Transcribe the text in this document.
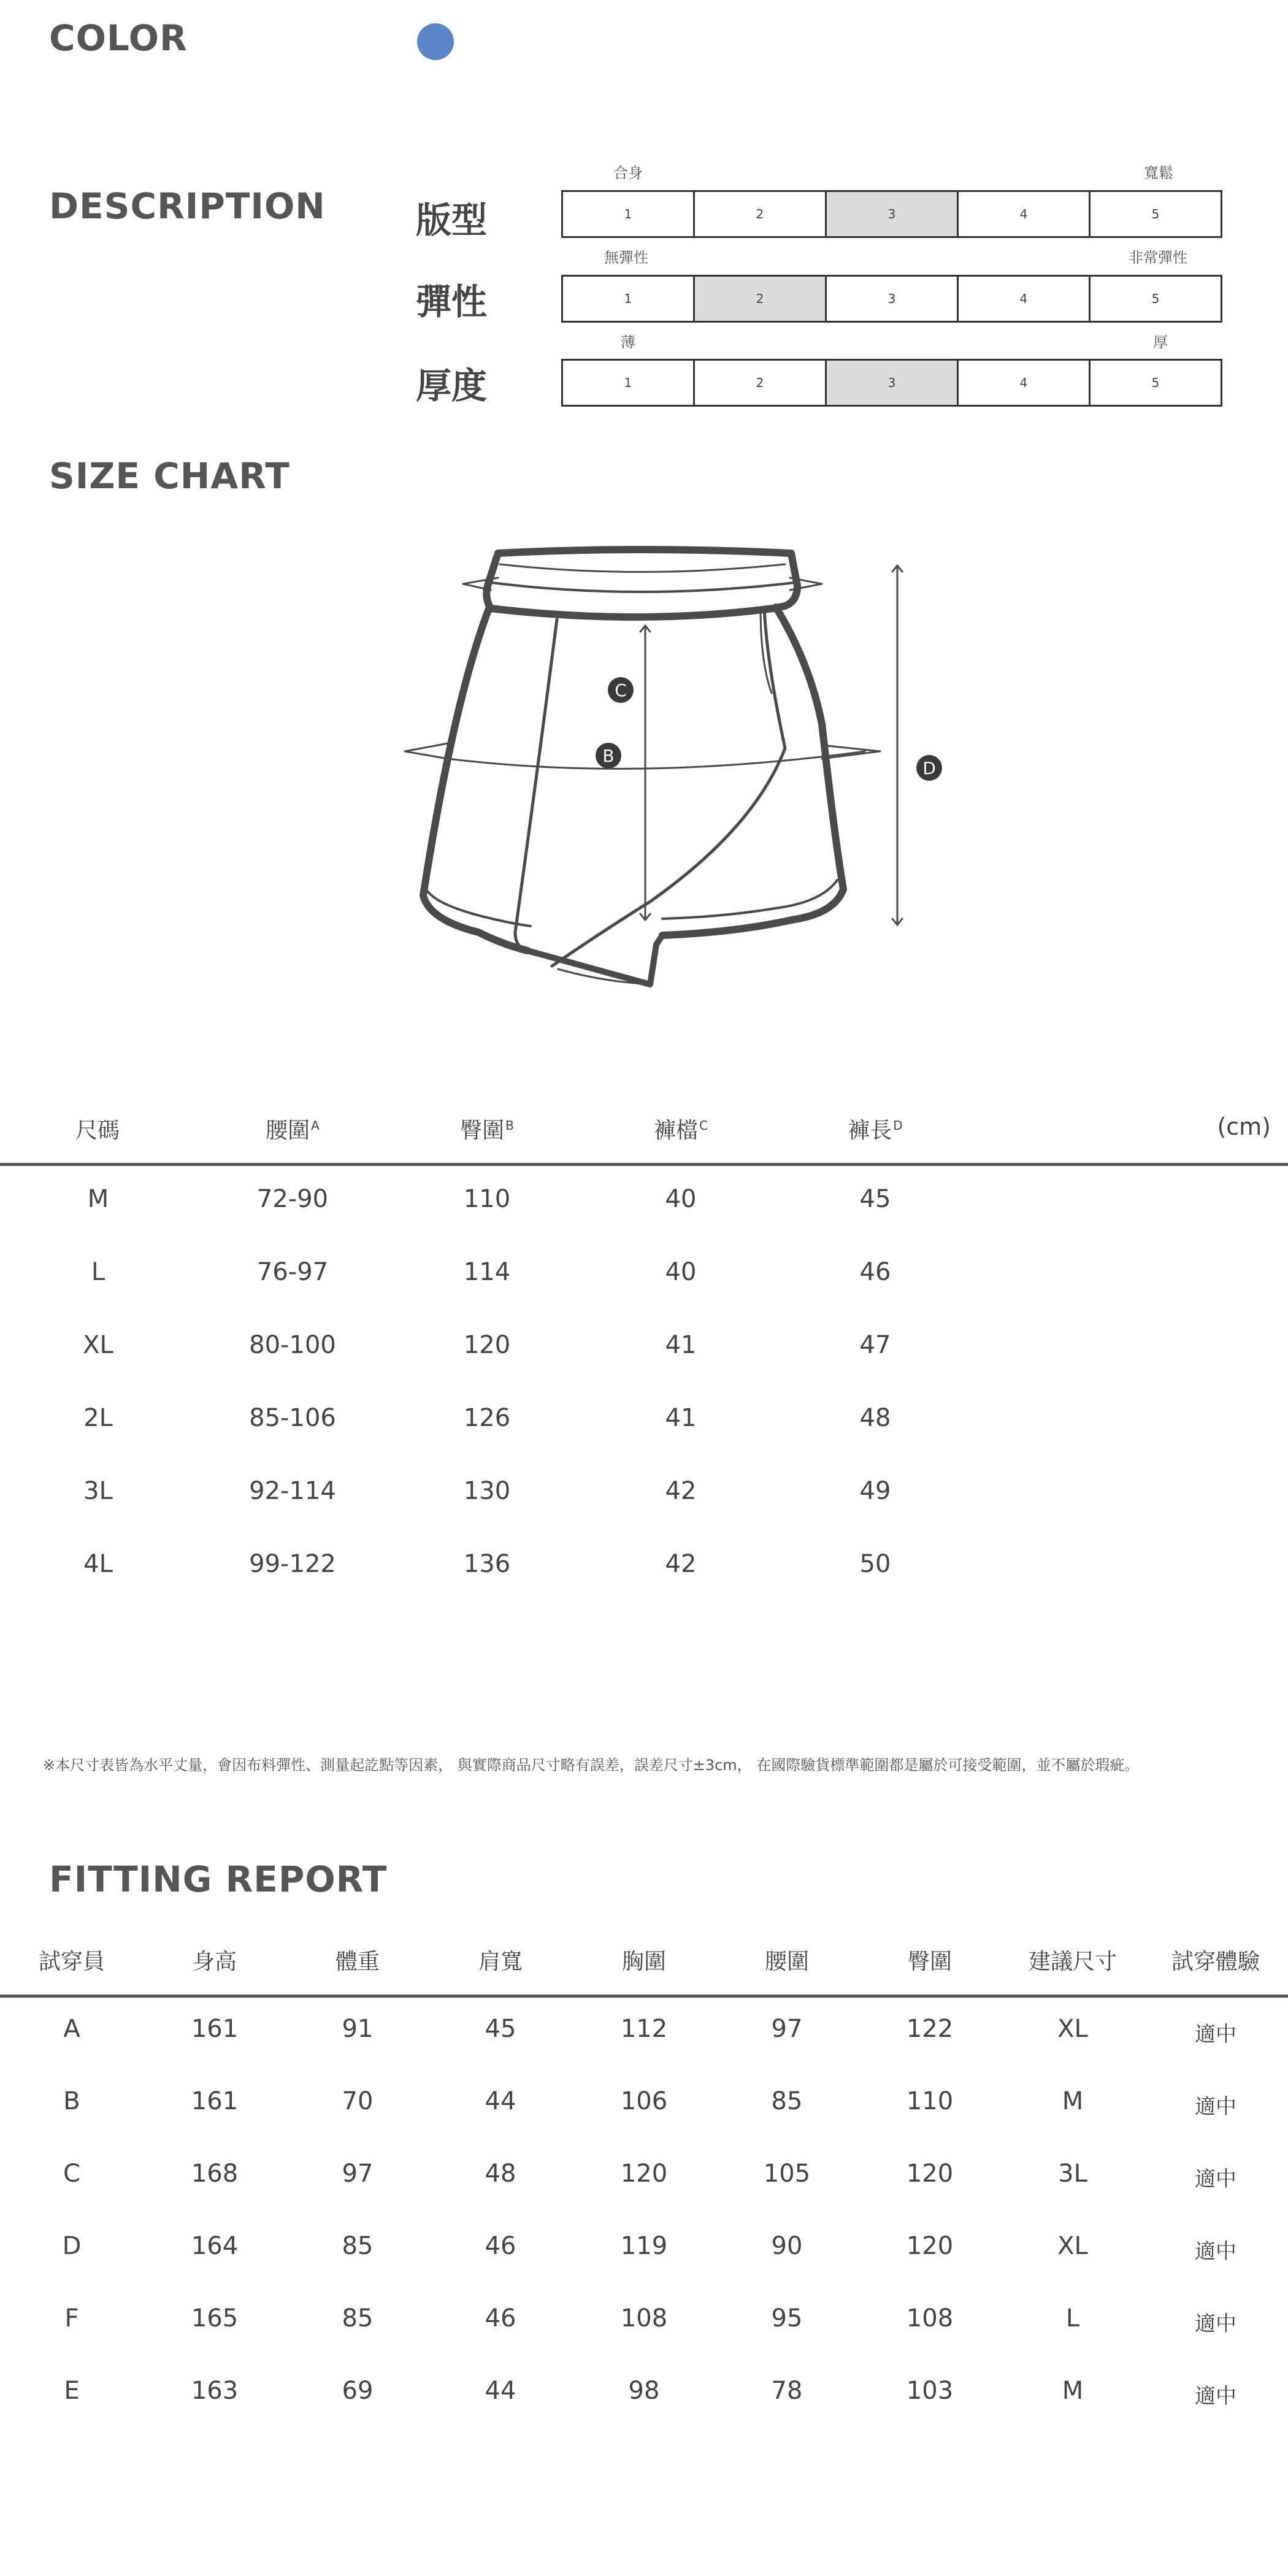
COLOR
DESCRIPTION
合身	寬鬆
版型	1	2	3	4	5
無彈性	非常彈性
彈性	1	2	3	4	5
薄	厚
厚度	1	2	3	4	5
SIZE CHART
C
B
D
尺碼	腰圍 $^A$	臀圍 $^B$	褲檔 $^C$	褲長 $^D$	(cm)
M	72-90	110	40	45
L	76-97	114	40	46
XL	80-100	120	41	47
2L	85-106	126	41	48
3L	92-114	130	42	49
4L	99-122	136	42	50
※本尺寸表皆為水平丈量，會因布料彈性、測量起訖點等因素， 與實際商品尺寸略有誤差，誤差尺寸±3cm， 在國際驗貨標準範圍都是屬於可接受範圍，並不屬於瑕疵。
FITTING REPORT
試穿員	身高	體重	肩寬	胸圍	腰圍	臀圍	建議尺寸 試穿體驗
A	161	91	45	112	97	122	XL	適中
B	161	70	44	106	85	110	M	適中
C	168	97	48	120	105	120	3L	適中
D	164	85	46	119	90	120	XL	適中
F	165	85	46	108	95	108	L	適中
E	163	69	44	98	78	103	M	適中
